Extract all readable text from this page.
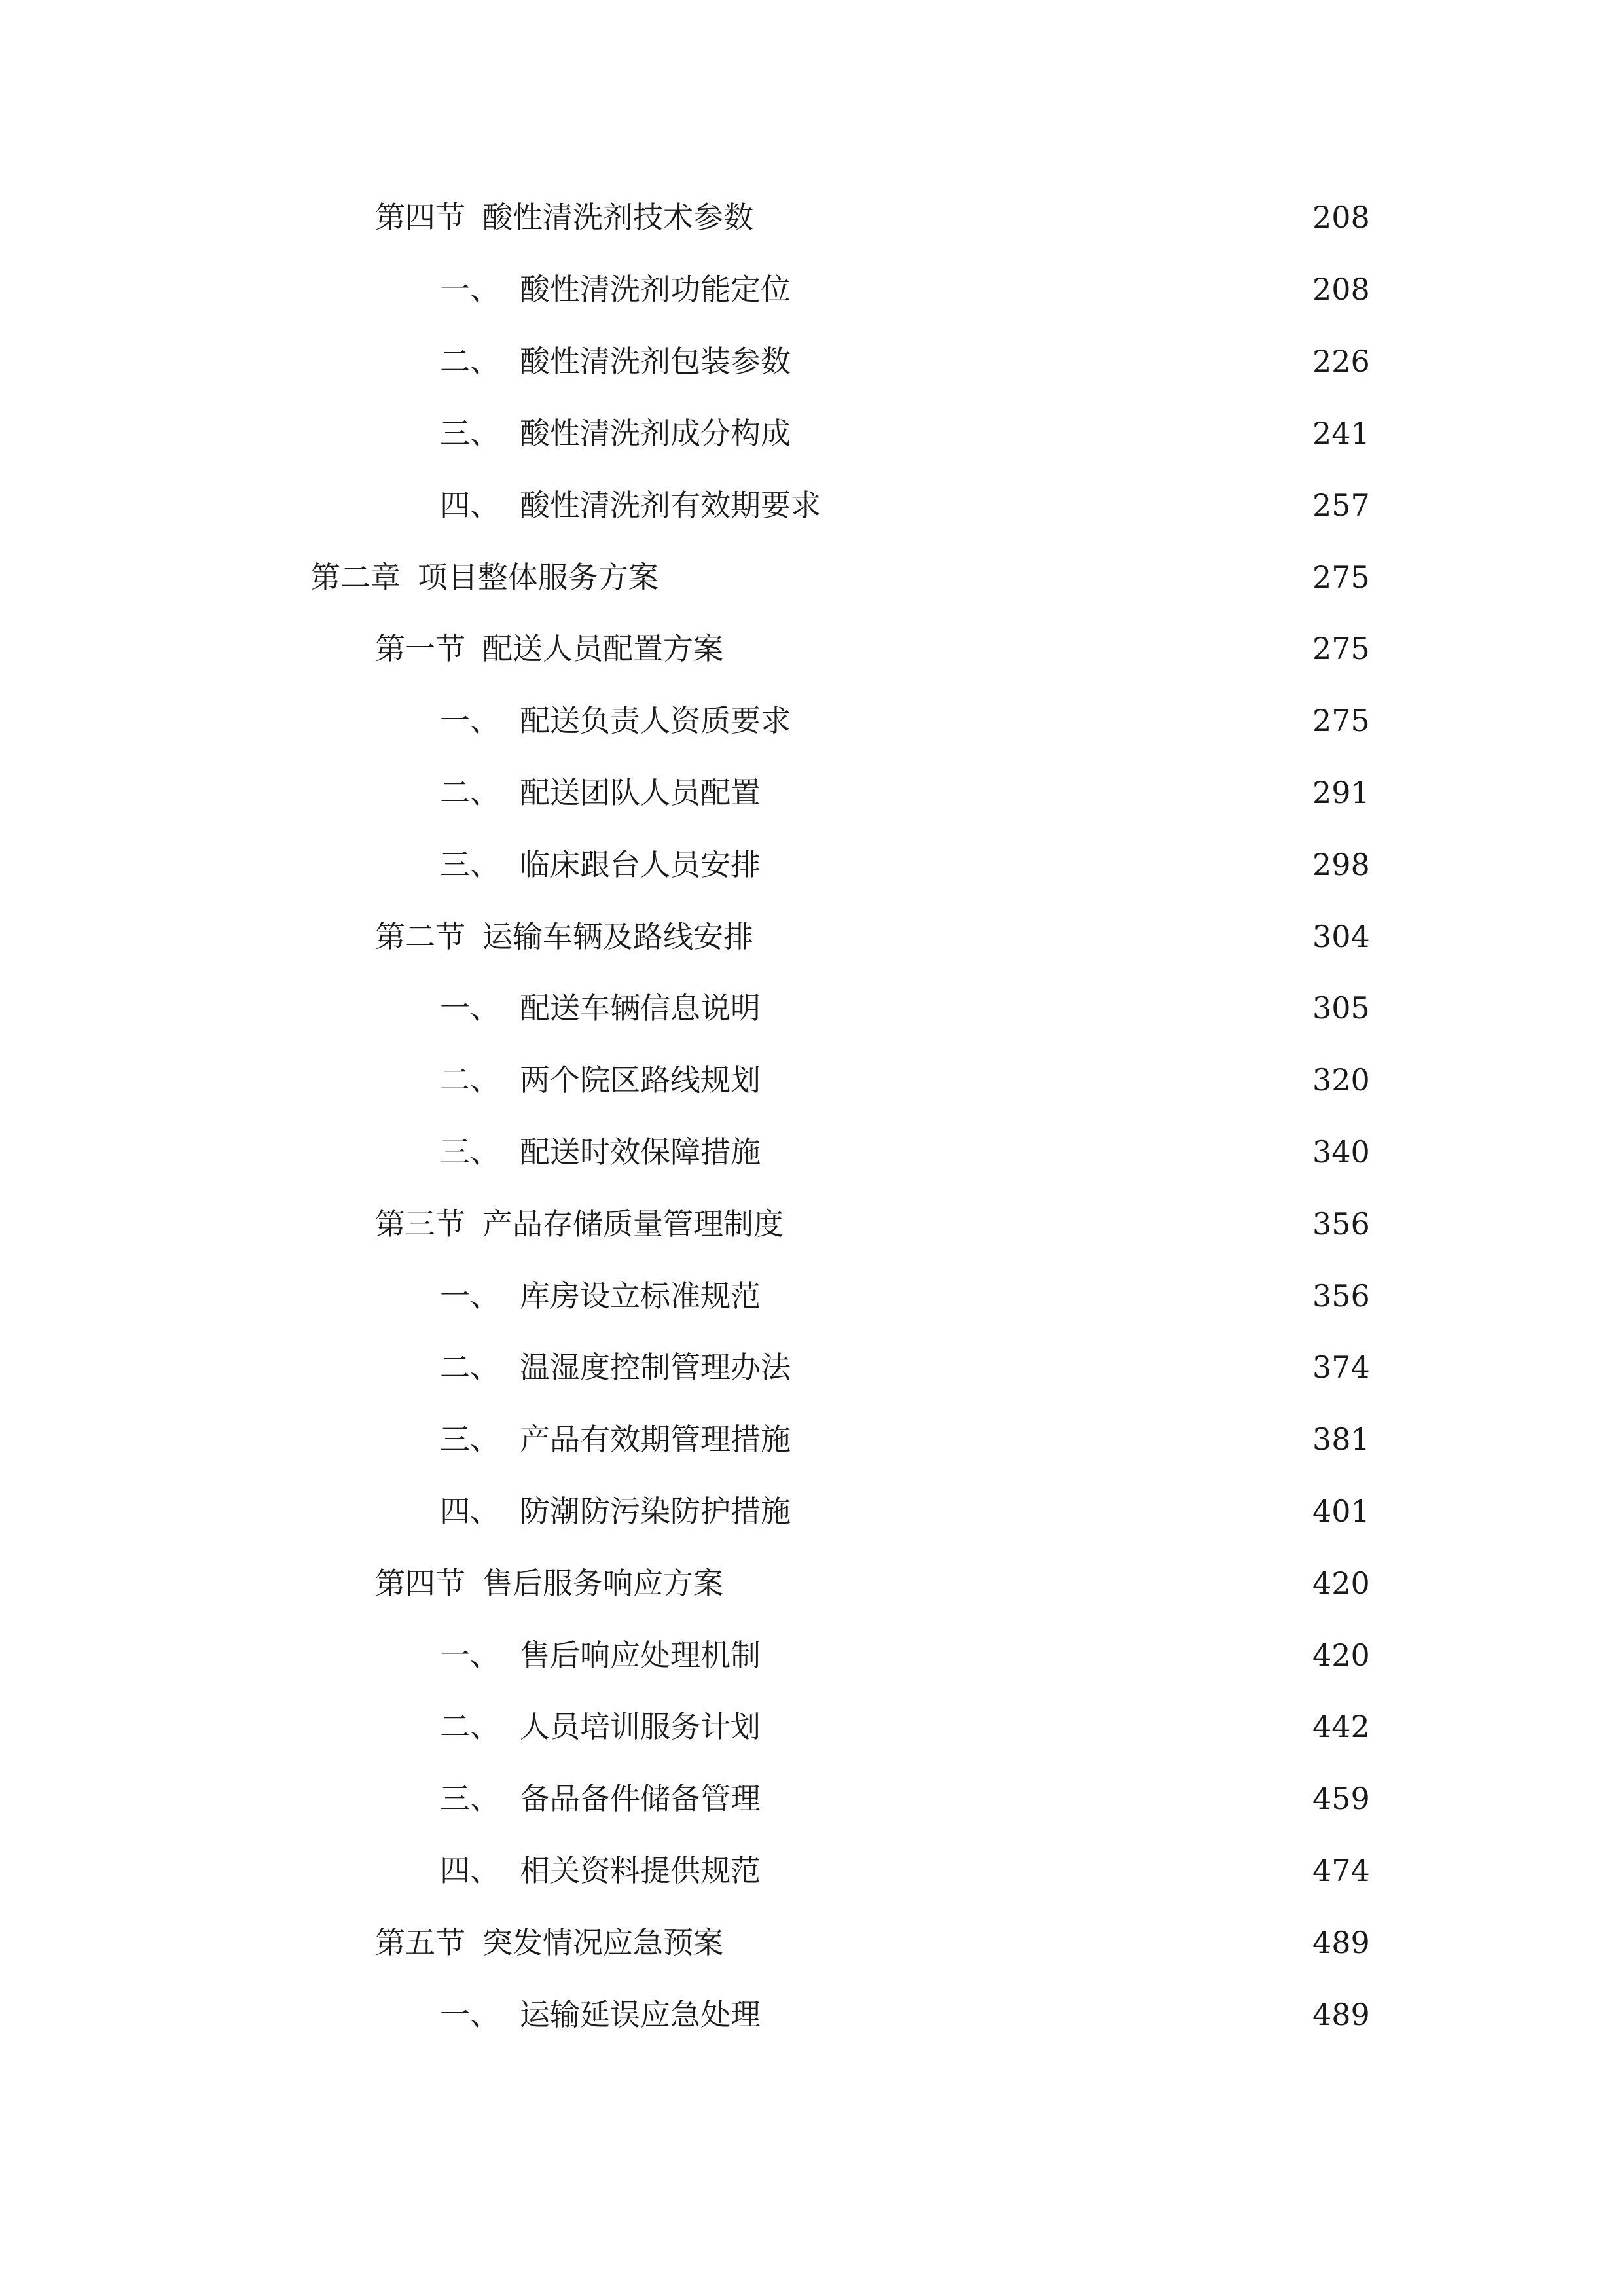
第四节 酸性清洗剂技术参数	208
一、 酸性清洗剂功能定位	208
二、 酸性清洗剂包装参数	226
三、 酸性清洗剂成分构成	241
四、 酸性清洗剂有效期要求	257
第二章 项目整体服务方案	275
第一节 配送人员配置方案	275
一、 配送负责人资质要求	275
二、 配送团队人员配置	291
三、 临床跟台人员安排	298
第二节 运输车辆及路线安排	304
一、 配送车辆信息说明	305
二、 两个院区路线规划	320
三、 配送时效保障措施	340
第三节 产品存储质量管理制度	356
一、 库房设立标准规范	356
二、 温湿度控制管理办法	374
三、 产品有效期管理措施	381
四、 防潮防污染防护措施	401
第四节 售后服务响应方案	420
一、 售后响应处理机制	420
二、 人员培训服务计划	442
三、 备品备件储备管理	459
四、 相关资料提供规范	474
第五节 突发情况应急预案	489
一、 运输延误应急处理	489
